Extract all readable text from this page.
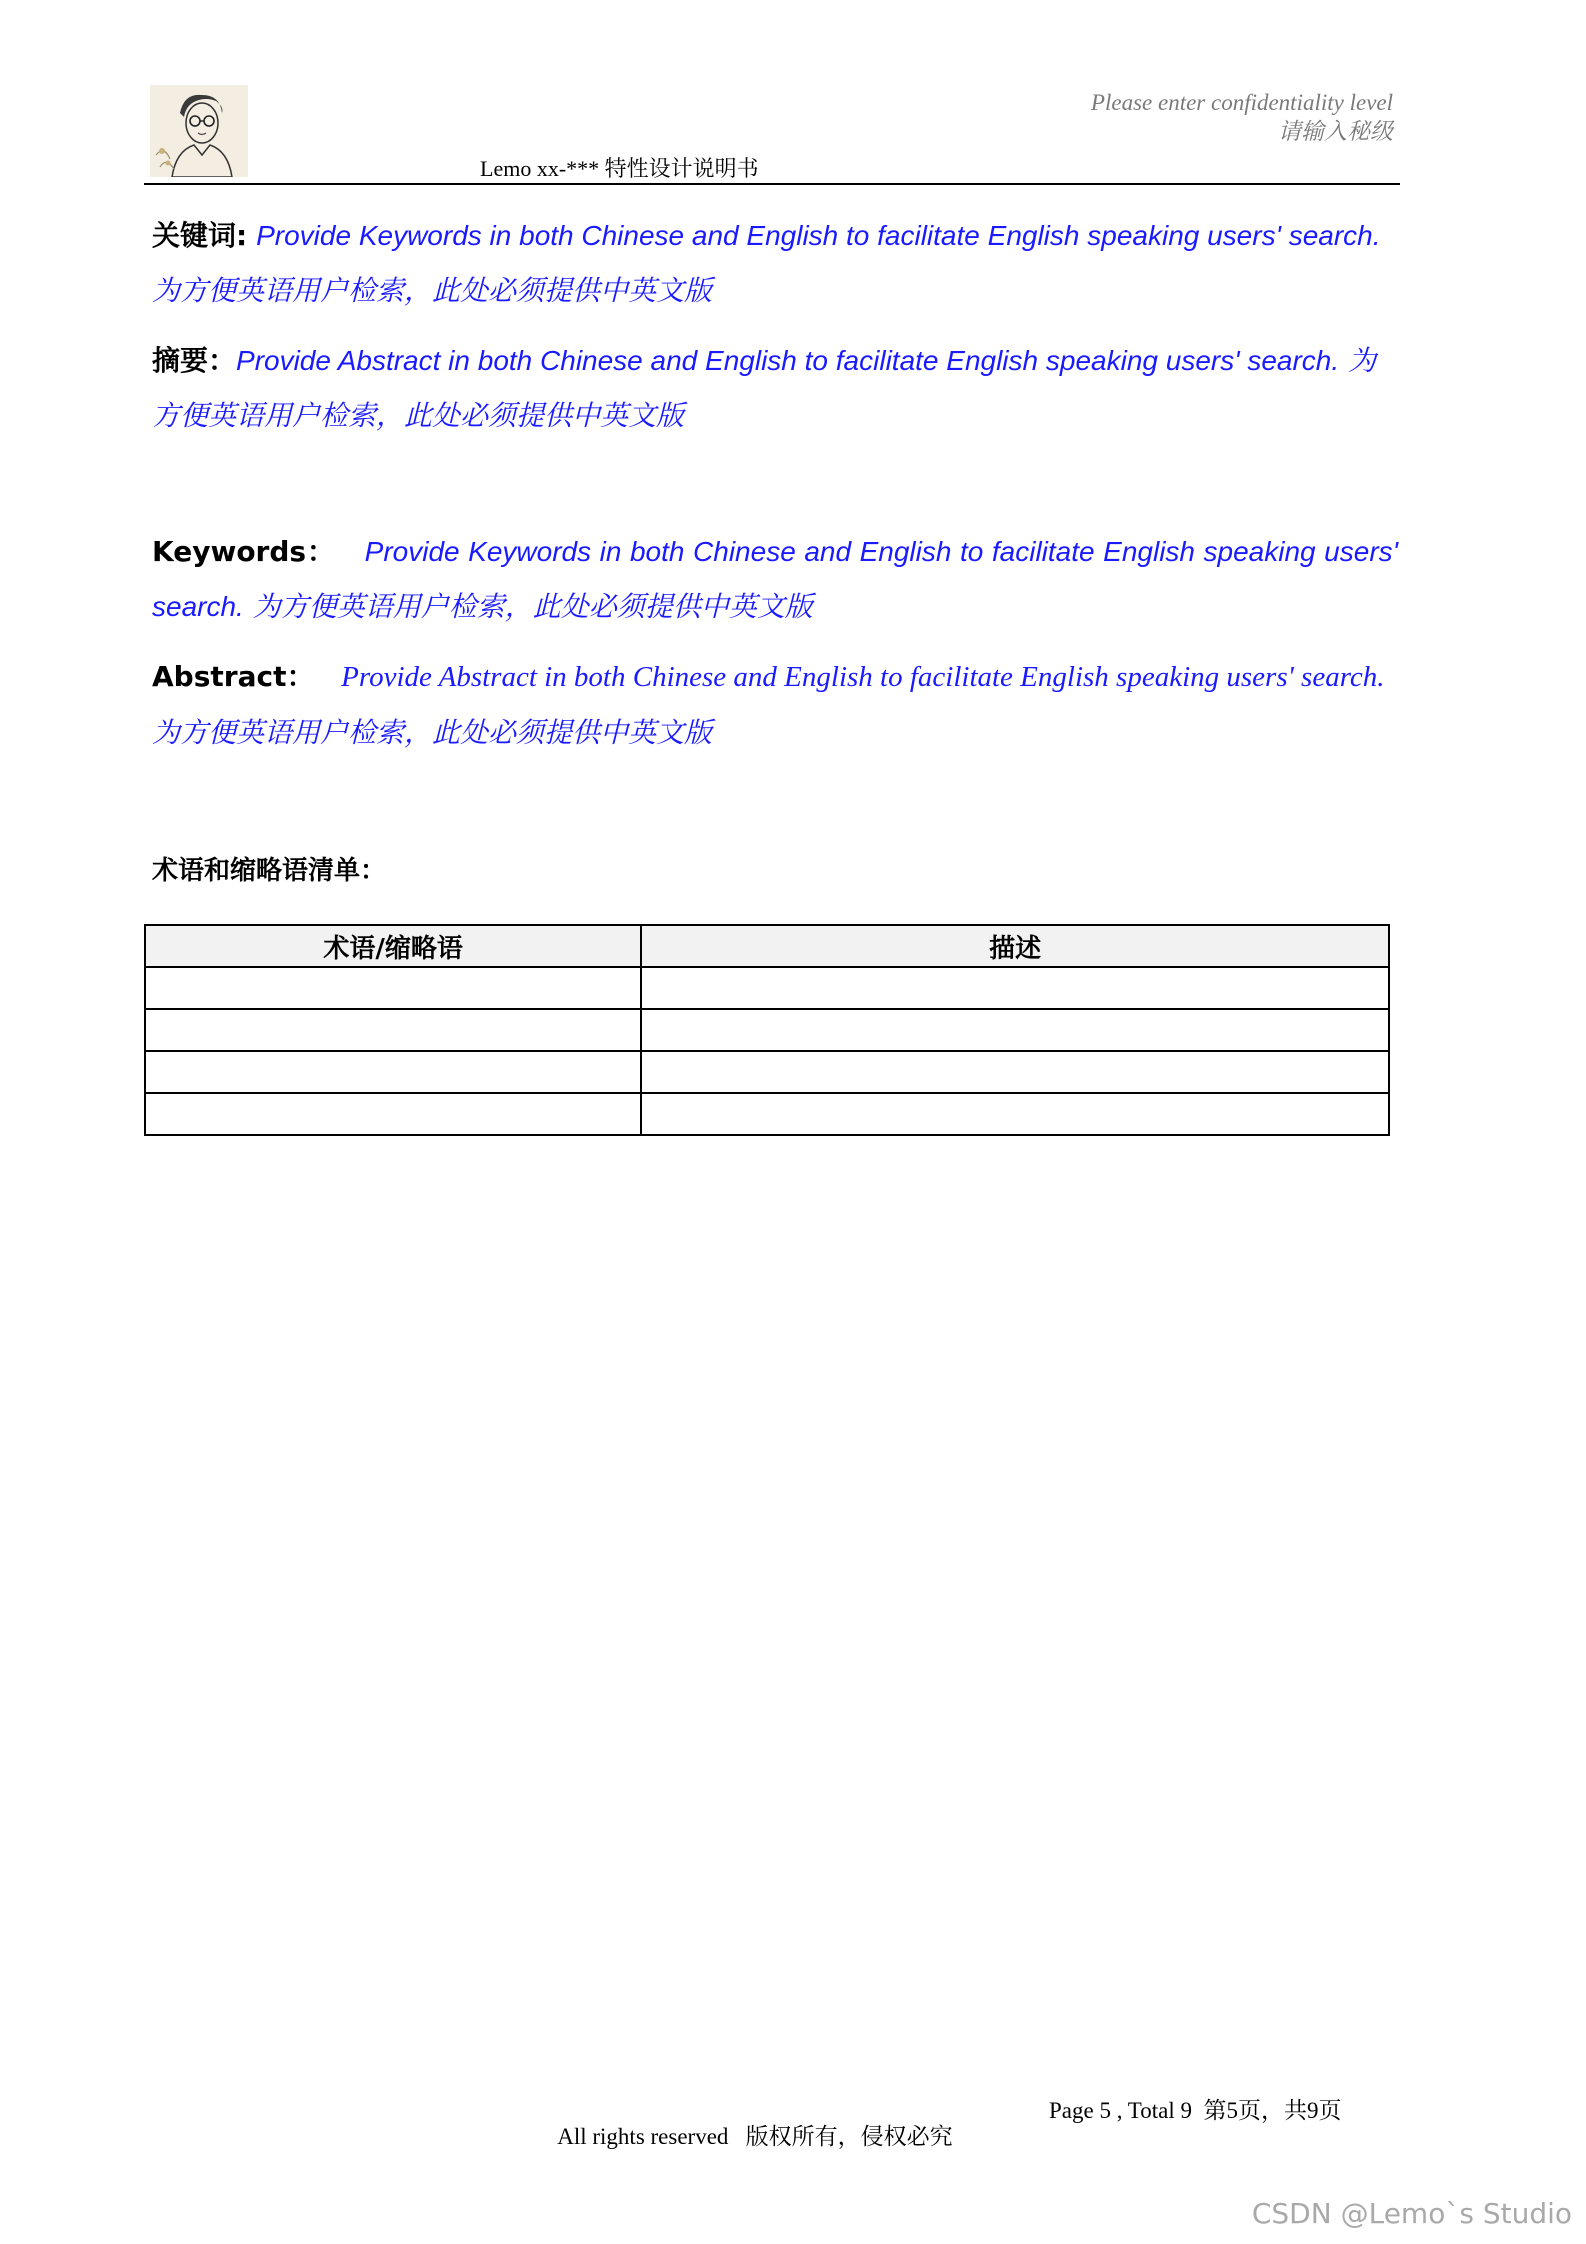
Please enter confidentiality level
请输入秘级
Lemo xx-*** 特性设计说明书
关键词: Provide Keywords in both Chinese and English to facilitate English speaking users' search.
为方便英语用户检索，此处必须提供中英文版
摘要：Provide Abstract in both Chinese and English to facilitate English speaking users' search. 为方便英语用户检索，此处必须提供中英文版
Keywords： Provide Keywords in both Chinese and English to facilitate English speaking users' search. 为方便英语用户检索，此处必须提供中英文版
Abstract： Provide Abstract in both Chinese and English to facilitate English speaking users' search.
为方便英语用户检索，此处必须提供中英文版
术语和缩略语清单：
术语/缩略语	描述

All rights reserved   版权所有，侵权必究

Page 5 , Total 9  第5页，共9页

CSDN @Lemo`s Studio
